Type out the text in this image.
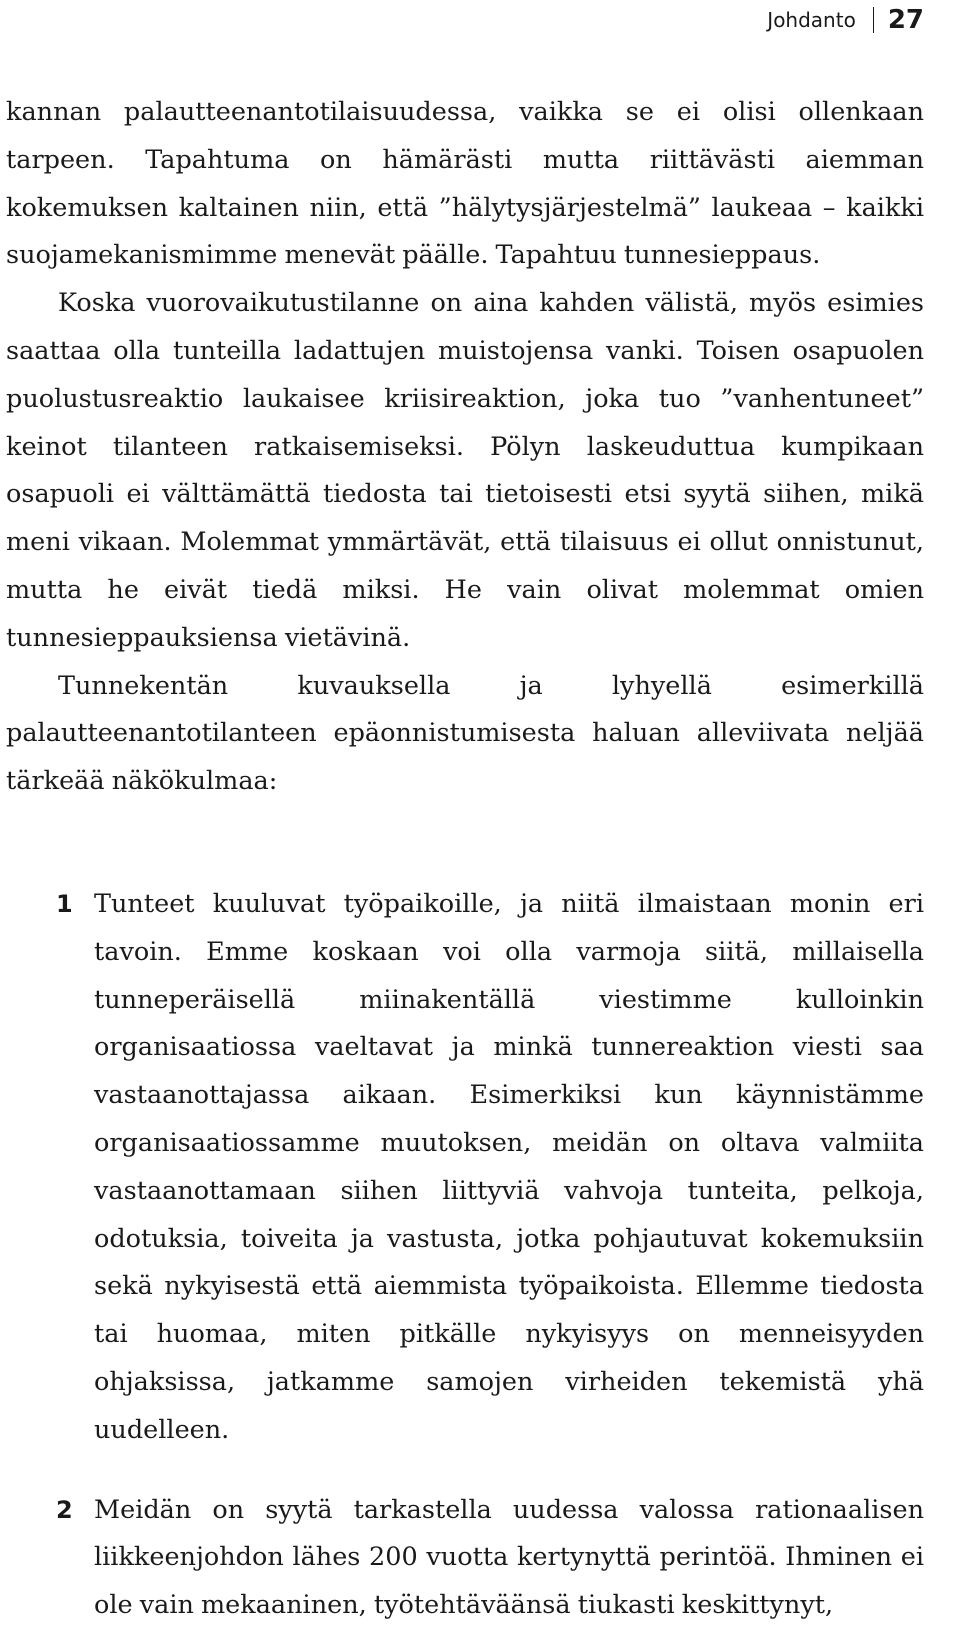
Johdanto 27

kannan palautteenantotilaisuudessa, vaikka se ei olisi ollenkaan tarpeen. Tapahtuma on hämärästi mutta riittävästi aiemman kokemuksen kaltainen niin, että ”hälytysjärjestelmä” laukeaa – kaikki suojamekanismimme menevät päälle. Tapahtuu tunnesieppaus.

Koska vuorovaikutustilanne on aina kahden välistä, myös esimies saattaa olla tunteilla ladattujen muistojensa vanki. Toisen osapuolen puolustusreaktio laukaisee kriisireaktion, joka tuo ”vanhentuneet” keinot tilanteen ratkaisemiseksi. Pölyn laskeuduttua kumpikaan osapuoli ei välttämättä tiedosta tai tietoisesti etsi syytä siihen, mikä meni vikaan. Molemmat ymmärtävät, että tilaisuus ei ollut onnistunut, mutta he eivät tiedä miksi. He vain olivat molemmat omien tunnesieppauksiensa vietävinä.

Tunnekentän kuvauksella ja lyhyellä esimerkillä palautteenantotilanteen epäonnistumisesta haluan alleviivata neljää tärkeää näkökulmaa:

1 Tunteet kuuluvat työpaikoille, ja niitä ilmaistaan monin eri tavoin. Emme koskaan voi olla varmoja siitä, millaisella tunneperäisellä miinakentällä viestimme kulloinkin organisaatiossa vaeltavat ja minkä tunnereaktion viesti saa vastaanottajassa aikaan. Esimerkiksi kun käynnistämme organisaatiossamme muutoksen, meidän on oltava valmiita vastaanottamaan siihen liittyviä vahvoja tunteita, pelkoja, odotuksia, toiveita ja vastusta, jotka pohjautuvat kokemuksiin sekä nykyisestä että aiemmista työpaikoista. Ellemme tiedosta tai huomaa, miten pitkälle nykyisyys on menneisyyden ohjaksissa, jatkamme samojen virheiden tekemistä yhä uudelleen.

2 Meidän on syytä tarkastella uudessa valossa rationaalisen liikkeenjohdon lähes 200 vuotta kertynyttä perintöä. Ihminen ei ole vain mekaaninen, työtehtäväänsä tiukasti keskittynyt,
